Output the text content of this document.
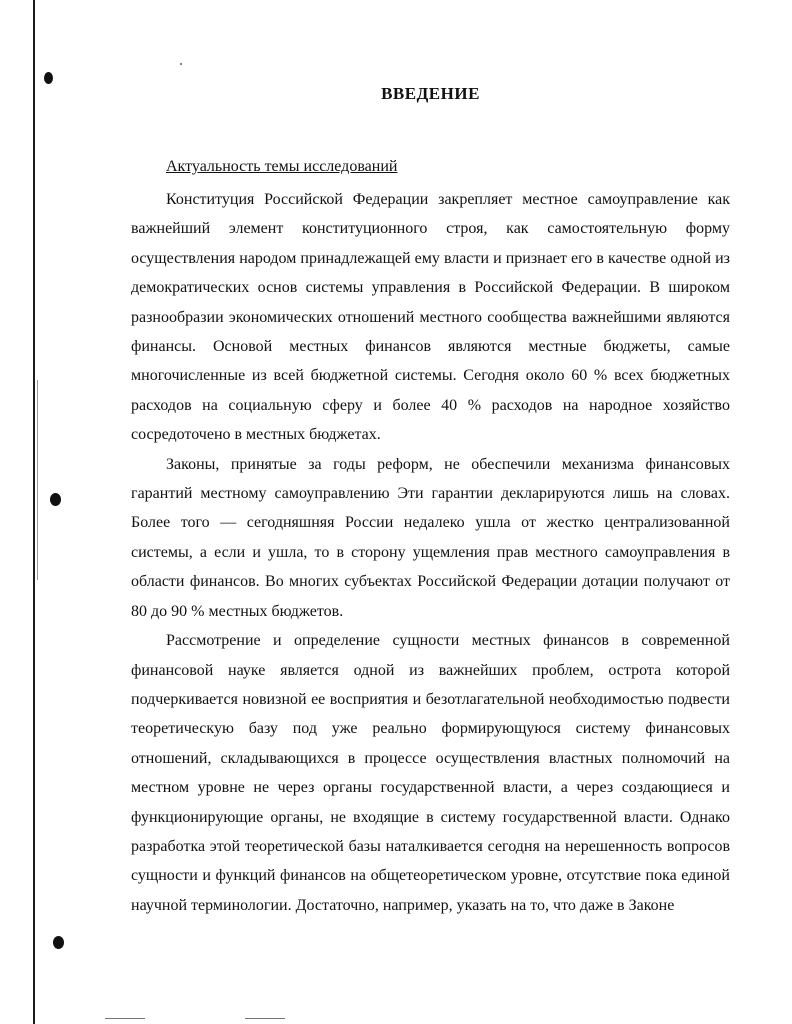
ВВЕДЕНИЕ
Актуальность темы исследований

Конституция Российской Федерации закрепляет местное самоуправление как важнейший элемент конституционного строя, как самостоятельную форму осуществления народом принадлежащей ему власти и признает его в качестве одной из демократических основ системы управления в Российской Федерации. В широком разнообразии экономических отношений местного сообщества важнейшими являются финансы. Основой местных финансов являются местные бюджеты, самые многочисленные из всей бюджетной системы. Сегодня около 60 % всех бюджетных расходов на социальную сферу и более 40 % расходов на народное хозяйство сосредоточено в местных бюджетах.

Законы, принятые за годы реформ, не обеспечили механизма финансовых гарантий местному самоуправлению Эти гарантии декларируются лишь на словах. Более того — сегодняшняя России недалеко ушла от жестко централизованной системы, а если и ушла, то в сторону ущемления прав местного самоуправления в области финансов. Во многих субъектах Российской Федерации дотации получают от 80 до 90 % местных бюджетов.

Рассмотрение и определение сущности местных финансов в современной финансовой науке является одной из важнейших проблем, острота которой подчеркивается новизной ее восприятия и безотлагательной необходимостью подвести теоретическую базу под уже реально формирующуюся систему финансовых отношений, складывающихся в процессе осуществления властных полномочий на местном уровне не через органы государственной власти, а через создающиеся и функционирующие органы, не входящие в систему государственной власти. Однако разработка этой теоретической базы наталкивается сегодня на нерешенность вопросов сущности и функций финансов на общетеоретическом уровне, отсутствие пока единой научной терминологии. Достаточно, например, указать на то, что даже в Законе
